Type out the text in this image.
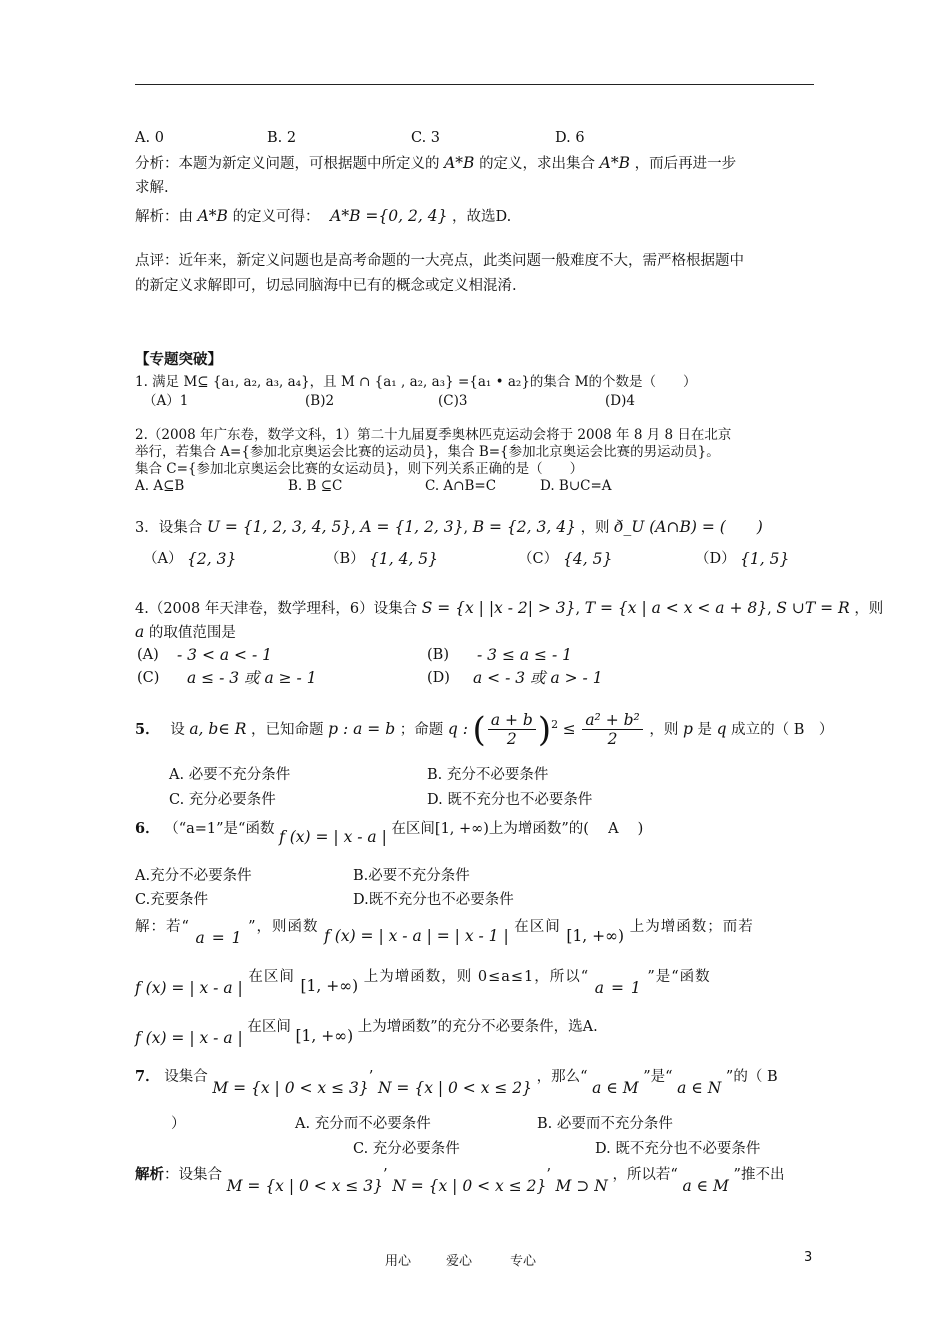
A. 0	B. 2	C. 3	D. 6
分析：本题为新定义问题，可根据题中所定义的 A*B 的定义，求出集合 A*B ，而后再进一步
求解.
解析：由 A*B 的定义可得： A*B ={0, 2, 4} ，故选D.
点评：近年来，新定义问题也是高考命题的一大亮点，此类问题一般难度不大，需严格根据题中
的新定义求解即可，切忌同脑海中已有的概念或定义相混淆.
【专题突破】
1. 满足 M⊆ {a₁, a₂, a₃, a₄}，且 M ∩ {a₁ , a₂, a₃} ={a₁ • a₂}的集合 M的个数是（　　）
（A）1	(B)2	(C)3	(D)4
2.（2008 年广东卷，数学文科，1）第二十九届夏季奥林匹克运动会将于 2008 年 8 月 8 日在北京
举行，若集合 A={参加北京奥运会比赛的运动员}，集合 B={参加北京奥运会比赛的男运动员}。
集合 C={参加北京奥运会比赛的女运动员}，则下列关系正确的是（　　）
A. A⊆B	B. B ⊆C	C. A∩B=C	D. B∪C=A
3．设集合 U = {1, 2, 3, 4, 5}, A = {1, 2, 3}, B = {2, 3, 4} ，则 ð_U (A∩B) = (　　)
（A） {2, 3}	（B） {1, 4, 5}	（C） {4, 5}	（D） {1, 5}
4.（2008 年天津卷，数学理科，6）设集合 S = {x | |x - 2| > 3}, T = {x | a < x < a + 8}, S ∪T = R ，则
a 的取值范围是
(A) - 3 < a < - 1	(B) - 3 ≤ a ≤ - 1
(C) a ≤ - 3 或 a ≥ - 1	(D) a < - 3 或 a > - 1
5． 设 a, b∈ R ，已知命题 p : a = b ；命题 q : ( $\frac{a + b}{2} )^2 \le \frac{\text{a² + b²}}{2}$ ，则 p 是 q 成立的（ B　）
A. 必要不充分条件	B. 充分不必要条件
C. 充分必要条件	D. 既不充分也不必要条件
6． （“a=1”是“函数 f (x) = | x - a | 在区间[1, +∞)上为增函数”的(　 A 　)
A.充分不必要条件	B.必要不充分条件
C.充要条件	D.既不充分也不必要条件
解：若“ a = 1 ”，则函数 f (x) = | x - a | = | x - 1 | 在区间 [1, +∞) 上为增函数；而若
f (x) = | x - a | 在区间 [1, +∞) 上为增函数，则 0≤a≤1，所以“ a = 1 ”是“函数
f (x) = | x - a | 在区间 [1, +∞) 上为增函数”的充分不必要条件，选A.
7． 设集合 M = {x | 0 < x ≤ 3}’ N = {x | 0 < x ≤ 2} ，那么“ a ∈ M ”是“ a ∈ N ”的（ B
）	A. 充分而不必要条件	B. 必要而不充分条件
C. 充分必要条件	D. 既不充分也不必要条件
解析：设集合 M = {x | 0 < x ≤ 3}’ N = {x | 0 < x ≤ 2}’ M ⊃ N ，所以若“ a ∈ M ”推不出
用心	爱心	专心	3
